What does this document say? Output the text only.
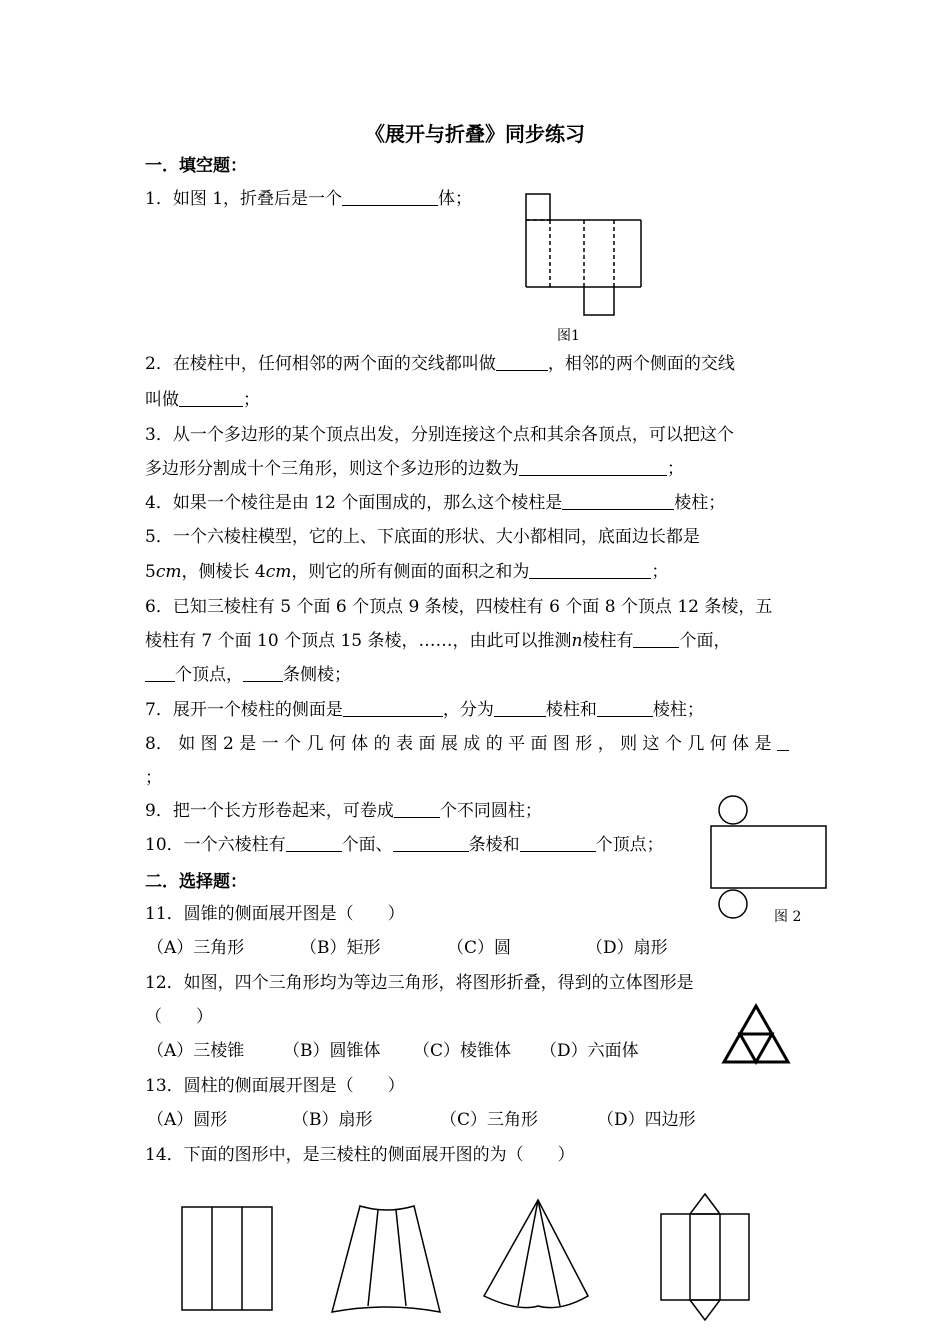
《展开与折叠》同步练习
一．填空题：
1．如图 1，折叠后是一个	体；
图1
2．在棱柱中，任何相邻的两个面的交线都叫做	，相邻的两个侧面的交线
叫做	；
3．从一个多边形的某个顶点出发，分别连接这个点和其余各顶点，可以把这个
多边形分割成十个三角形，则这个多边形的边数为	；
4．如果一个棱往是由 12 个面围成的，那么这个棱柱是	棱柱；
5．一个六棱柱模型，它的上、下底面的形状、大小都相同，底面边长都是
5cm，侧棱长 4cm，则它的所有侧面的面积之和为	；
6．已知三棱柱有 5 个面 6 个顶点 9 条棱，四棱柱有 6 个面 8 个顶点 12 条棱，五
棱柱有 7 个面 10 个顶点 15 条棱，……，由此可以推测n棱柱有	个面，
个顶点， 条侧棱；
7．展开一个棱柱的侧面是	，分为	棱柱和	棱柱；
8． 如 图 2 是 一 个 几 何 体 的 表 面 展 成 的 平 面 图 形 ， 则 这 个 几 何 体 是
；
9．把一个长方形卷起来，可卷成	个不同圆柱；
10．一个六棱柱有	个面、	条棱和	个顶点；
图 2
二．选择题：
11．圆锥的侧面展开图是（　　）
（A）三角形	（B）矩形	（C）圆	（D）扇形
12．如图，四个三角形均为等边三角形，将图形折叠，得到的立体图形是
（　　）
（A）三棱锥 （B）圆锥体 （C）棱锥体 （D）六面体
13．圆柱的侧面展开图是（　　）
（A）圆形	（B）扇形	（C）三角形	（D）四边形
14．下面的图形中，是三棱柱的侧面展开图的为（　　）
